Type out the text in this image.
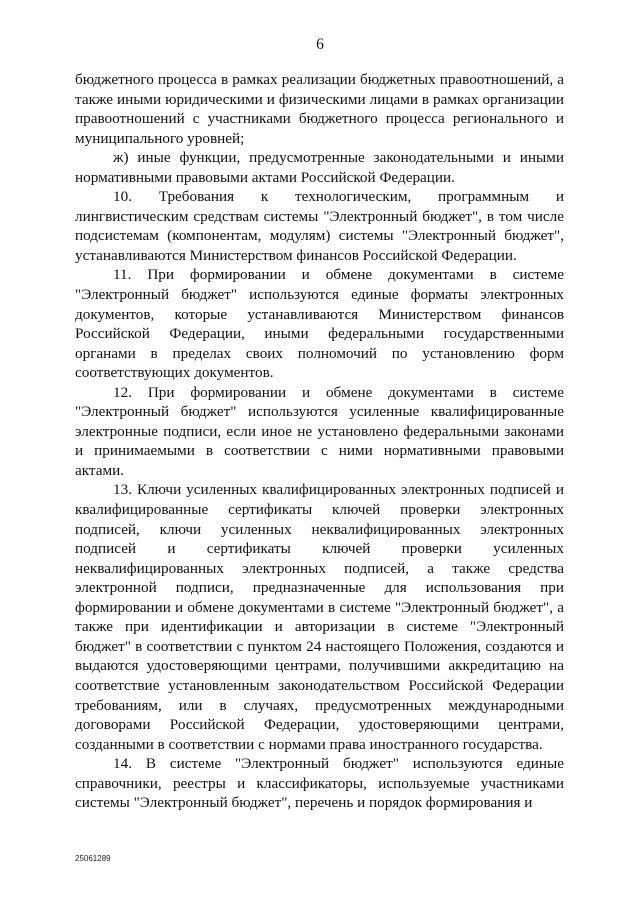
6

бюджетного процесса в рамках реализации бюджетных правоотношений, а также иными юридическими и физическими лицами в рамках организации правоотношений с участниками бюджетного процесса регионального и муниципального уровней;

ж) иные функции, предусмотренные законодательными и иными нормативными правовыми актами Российской Федерации.

10. Требования к технологическим, программным и лингвистическим средствам системы "Электронный бюджет", в том числе подсистемам (компонентам, модулям) системы "Электронный бюджет", устанавливаются Министерством финансов Российской Федерации.

11. При формировании и обмене документами в системе "Электронный бюджет" используются единые форматы электронных документов, которые устанавливаются Министерством финансов Российской Федерации, иными федеральными государственными органами в пределах своих полномочий по установлению форм соответствующих документов.

12. При формировании и обмене документами в системе "Электронный бюджет" используются усиленные квалифицированные электронные подписи, если иное не установлено федеральными законами и принимаемыми в соответствии с ними нормативными правовыми актами.

13. Ключи усиленных квалифицированных электронных подписей и квалифицированные сертификаты ключей проверки электронных подписей, ключи усиленных неквалифицированных электронных подписей и сертификаты ключей проверки усиленных неквалифицированных электронных подписей, а также средства электронной подписи, предназначенные для использования при формировании и обмене документами в системе "Электронный бюджет", а также при идентификации и авторизации в системе "Электронный бюджет" в соответствии с пунктом 24 настоящего Положения, создаются и выдаются удостоверяющими центрами, получившими аккредитацию на соответствие установленным законодательством Российской Федерации требованиям, или в случаях, предусмотренных международными договорами Российской Федерации, удостоверяющими центрами, созданными в соответствии с нормами права иностранного государства.

14. В системе "Электронный бюджет" используются единые справочники, реестры и классификаторы, используемые участниками системы "Электронный бюджет", перечень и порядок формирования и

25061289
